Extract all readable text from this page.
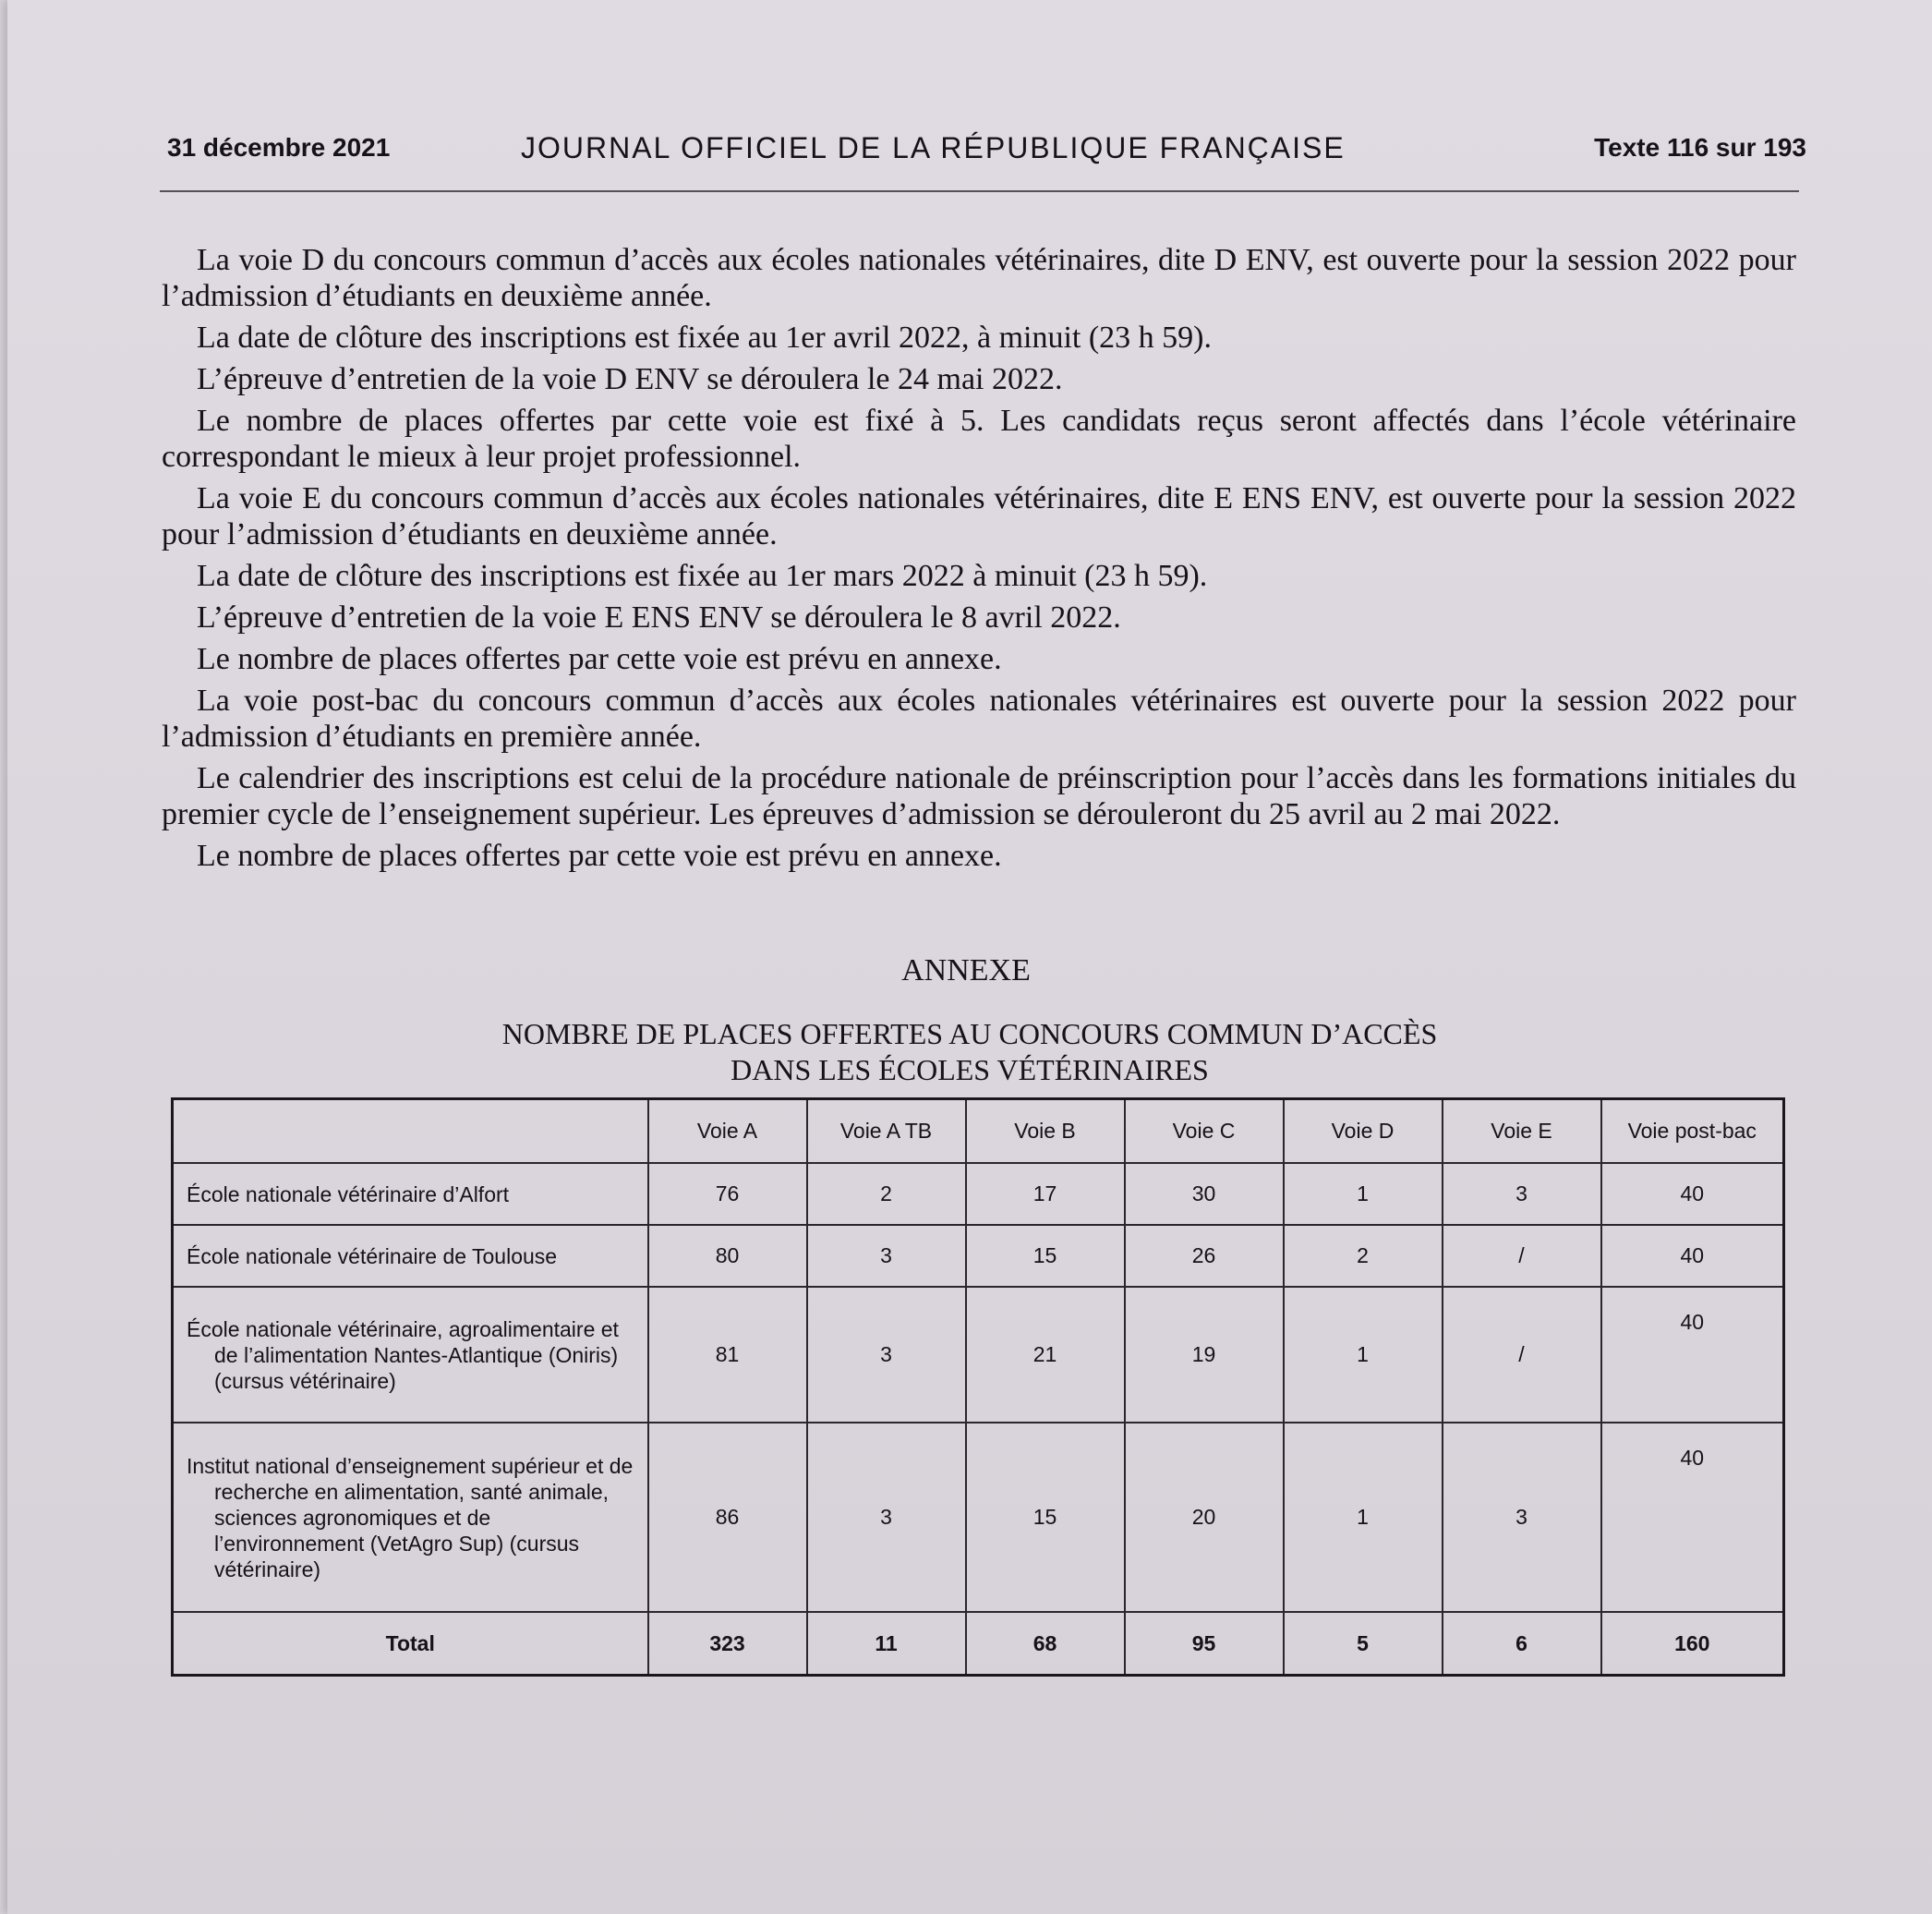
31 décembre 2021	JOURNAL OFFICIEL DE LA RÉPUBLIQUE FRANÇAISE	Texte 116 sur 193

La voie D du concours commun d’accès aux écoles nationales vétérinaires, dite D ENV, est ouverte pour la session 2022 pour l’admission d’étudiants en deuxième année.

La date de clôture des inscriptions est fixée au 1er avril 2022, à minuit (23 h 59).

L’épreuve d’entretien de la voie D ENV se déroulera le 24 mai 2022.

Le nombre de places offertes par cette voie est fixé à 5. Les candidats reçus seront affectés dans l’école vétérinaire correspondant le mieux à leur projet professionnel.

La voie E du concours commun d’accès aux écoles nationales vétérinaires, dite E ENS ENV, est ouverte pour la session 2022 pour l’admission d’étudiants en deuxième année.

La date de clôture des inscriptions est fixée au 1er mars 2022 à minuit (23 h 59).

L’épreuve d’entretien de la voie E ENS ENV se déroulera le 8 avril 2022.

Le nombre de places offertes par cette voie est prévu en annexe.

La voie post-bac du concours commun d’accès aux écoles nationales vétérinaires est ouverte pour la session 2022 pour l’admission d’étudiants en première année.

Le calendrier des inscriptions est celui de la procédure nationale de préinscription pour l’accès dans les formations initiales du premier cycle de l’enseignement supérieur. Les épreuves d’admission se dérouleront du 25 avril au 2 mai 2022.

Le nombre de places offertes par cette voie est prévu en annexe.

ANNEXE
NOMBRE DE PLACES OFFERTES AU CONCOURS COMMUN D’ACCÈS
DANS LES ÉCOLES VÉTÉRINAIRES
	Voie A	Voie A TB	Voie B	Voie C	Voie D	Voie E	Voie post-bac

École nationale vétérinaire d’Alfort	76	2	17	30	1	3	40

École nationale vétérinaire de Toulouse	80	3	15	26	2	/	40

École nationale vétérinaire, agroalimentaire et de l’alimentation Nantes-Atlantique (Oniris) (cursus vétérinaire)	81	3	21	19	1	/	40

Institut national d’enseignement supérieur et de recherche en alimentation, santé animale, sciences agronomiques et de l’environnement (VetAgro Sup) (cursus vétérinaire)	86	3	15	20	1	3	40
Total	323	11	68	95	5	6	160
